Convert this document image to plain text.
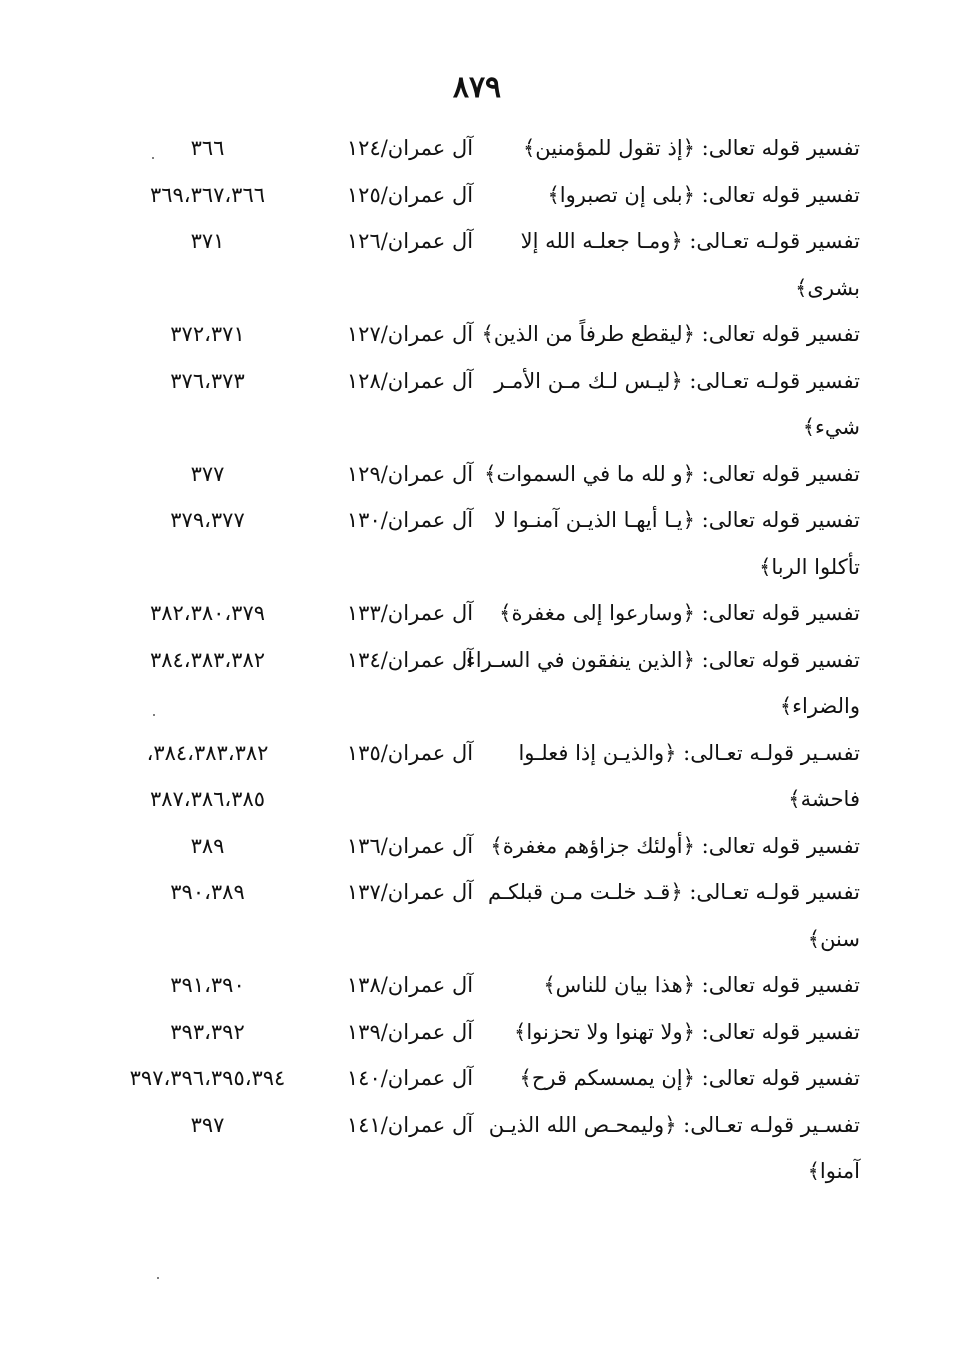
٨٧٩
تفسير قوله تعالى: ﴿إذ تقول للمؤمنين﴾
آل عمران/١٢٤
٣٦٦
تفسير قوله تعالى: ﴿بلى إن تصبروا﴾
آل عمران/١٢٥
٣٦٩،٣٦٧،٣٦٦
تفسير قولـه تعـالى: ﴿ومـا جعلـه الله إلا
آل عمران/١٢٦
٣٧١
بشرى﴾
تفسير قوله تعالى: ﴿ليقطع طرفاً من الذين﴾
آل عمران/١٢٧
٣٧٢،٣٧١
تفسير قولـه تعـالى: ﴿ليـس لـك مـن الأمـر
آل عمران/١٢٨
٣٧٦،٣٧٣
شيء﴾
تفسير قوله تعالى: ﴿و لله ما في السموات﴾
آل عمران/١٢٩
٣٧٧
تفسير قوله تعالى: ﴿يـا أيهـا الذيـن آمنـوا لا
آل عمران/١٣٠
٣٧٩،٣٧٧
تأكلوا الربا﴾
تفسير قوله تعالى: ﴿وسارعوا إلى مغفرة﴾
آل عمران/١٣٣
٣٨٢،٣٨٠،٣٧٩
تفسير قوله تعالى: ﴿الذين ينفقون في السـراء
آل عمران/١٣٤
٣٨٤،٣٨٣،٣٨٢
والضراء﴾
تفسـير قولـه تعـالى: ﴿والذيـن إذا فعلـوا
آل عمران/١٣٥
٣٨٤،٣٨٣،٣٨٢،
فاحشة﴾
٣٨٧،٣٨٦،٣٨٥
تفسير قوله تعالى: ﴿أولئك جزاؤهم مغفرة﴾
آل عمران/١٣٦
٣٨٩
تفسير قولـه تعـالى: ﴿قـد خلـت مـن قبلكـم
آل عمران/١٣٧
٣٩٠،٣٨٩
سنن﴾
تفسير قوله تعالى: ﴿هذا بيان للناس﴾
آل عمران/١٣٨
٣٩١،٣٩٠
تفسير قوله تعالى: ﴿ولا تهنوا ولا تحزنوا﴾
آل عمران/١٣٩
٣٩٣،٣٩٢
تفسير قوله تعالى: ﴿إن يمسسكم قرح﴾
آل عمران/١٤٠
٣٩٧،٣٩٦،٣٩٥،٣٩٤
تفسـير قولـه تعـالى: ﴿وليمحـص الله الذيـن
آل عمران/١٤١
٣٩٧
آمنوا﴾
